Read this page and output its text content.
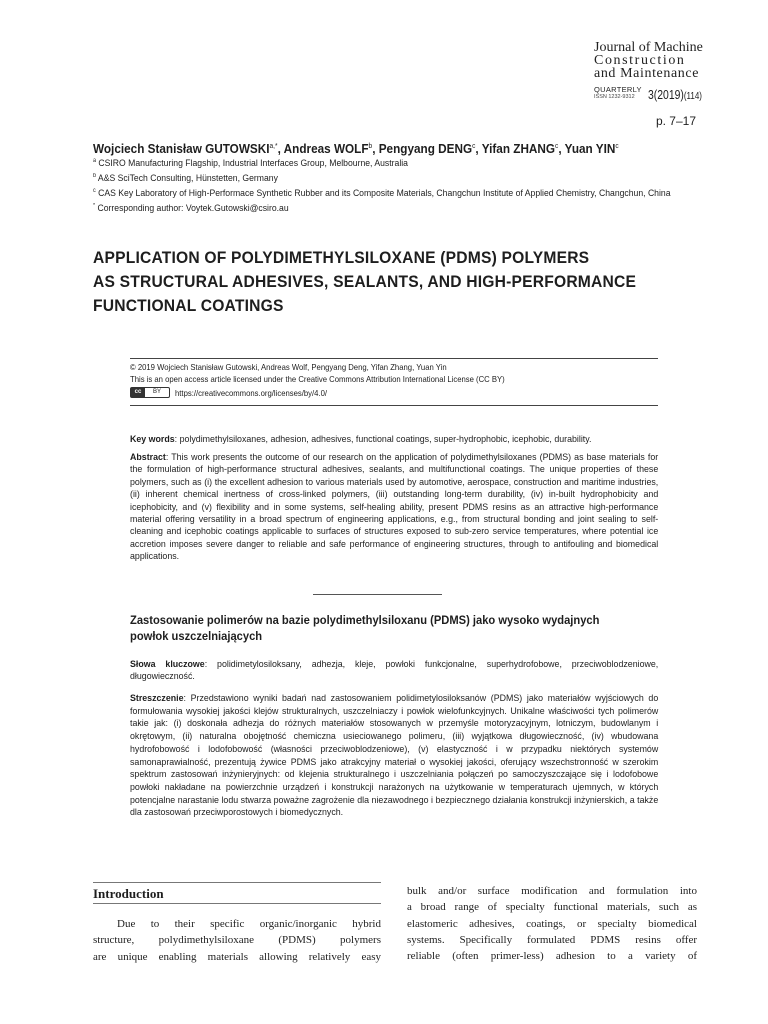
Journal of Machine
Construction
and Maintenance
QUARTERLY
ISSN 1232-9312 3(2019)(114)
p. 7–17
Wojciech Stanisław $GUTOWSKI^{a,*}$, Andreas WOLF$^b$, Pengyang DENG$^c$, Yifan ZHANG$^c$, Yuan YIN$^c$
$^a$ CSIRO Manufacturing Flagship, Industrial Interfaces Group, Melbourne, Australia
$^b$ A&S SciTech Consulting, Hünstetten, Germany
$^c$ CAS Key Laboratory of High-Performace Synthetic Rubber and its Composite Materials, Changchun Institute of Applied Chemistry, Changchun, China
* Corresponding author: Voytek.Gutowski@csiro.au
APPLICATION OF POLYDIMETHYLSILOXANE (PDMS) POLYMERS
AS STRUCTURAL ADHESIVES, SEALANTS, AND HIGH-PERFORMANCE
FUNCTIONAL COATINGS
© 2019 Wojciech Stanisław Gutowski, Andreas Wolf, Pengyang Deng, Yifan Zhang, Yuan Yin
This is an open access article licensed under the Creative Commons Attribution International License (CC BY)
cc	BY	https://creativecommons.org/licenses/by/4.0/
Key words: polydimethylsiloxanes, adhesion, adhesives, functional coatings, super-hydrophobic, icephobic, durability.
Abstract: This work presents the outcome of our research on the application of polydimethylsiloxanes (PDMS) as base materials for the formulation of high-performance structural adhesives, sealants, and multifunctional coatings. The unique properties of these polymers, such as (i) the excellent adhesion to various materials used by automotive, aerospace, construction and maritime industries, (ii) inherent chemical inertness of cross-linked polymers, (iii) outstanding long-term durability, (iv) in-built hydrophobicity and icephobicity, and (v) flexibility and in some systems, self-healing ability, present PDMS resins as an attractive high-performance material offering versatility in a broad spectrum of engineering applications, e.g., from structural bonding and joint sealing to self-cleaning and icephobic coatings applicable to surfaces of structures exposed to sub-zero service temperatures, where potential ice accretion imposes severe danger to reliable and safe performance of engineering structures, through to antifouling and biomedical applications.
Zastosowanie polimerów na bazie polydimethylsiloxanu (PDMS) jako wysoko wydajnych
powłok uszczelniających
Słowa kluczowe: polidimetylosiloksany, adhezja, kleje, powłoki funkcjonalne, superhydrofobowe, przeciwoblodzeniowe, długowieczność.
Streszczenie: Przedstawiono wyniki badań nad zastosowaniem polidimetylosiloksanów (PDMS) jako materiałów wyjściowych do formułowania wysokiej jakości klejów strukturalnych, uszczelniaczy i powłok wielofunkcyjnych. Unikalne właściwości tych polimerów takie jak: (i) doskonała adhezja do różnych materiałów stosowanych w przemyśle motoryzacyjnym, lotniczym, budowlanym i okrętowym, (ii) naturalna obojętność chemiczna usieciowanego polimeru, (iii) wyjątkowa długowieczność, (iv) wbudowana hydrofobowość i lodofobowość (własności przeciwoblodzeniowe), (v) elastyczność i w przypadku niektórych systemów samonaprawialność, prezentują żywice PDMS jako atrakcyjny materiał o wysokiej jakości, oferujący wszechstronność w szerokim spektrum zastosowań inżynieryjnych: od klejenia strukturalnego i uszczelniania połączeń po samoczyszczające się i lodofobowe powłoki nakładane na powierzchnie urządzeń i konstrukcji narażonych na użytkowanie w temperaturach ujemnych, w których potencjalne narastanie lodu stwarza poważne zagrożenie dla niezawodnego i bezpiecznego działania konstrukcji inżynierskich, a także dla zastosowań przeciwporostowych i biomedycznych.
Introduction
Due to their specific organic/inorganic hybrid
structure, polydimethylsiloxane (PDMS) polymers
are unique enabling materials allowing relatively easy
bulk and/or surface modification and formulation into
a broad range of specialty functional materials, such as
elastomeric adhesives, coatings, or specialty biomedical
systems. Specifically formulated PDMS resins offer
reliable (often primer-less) adhesion to a variety of
